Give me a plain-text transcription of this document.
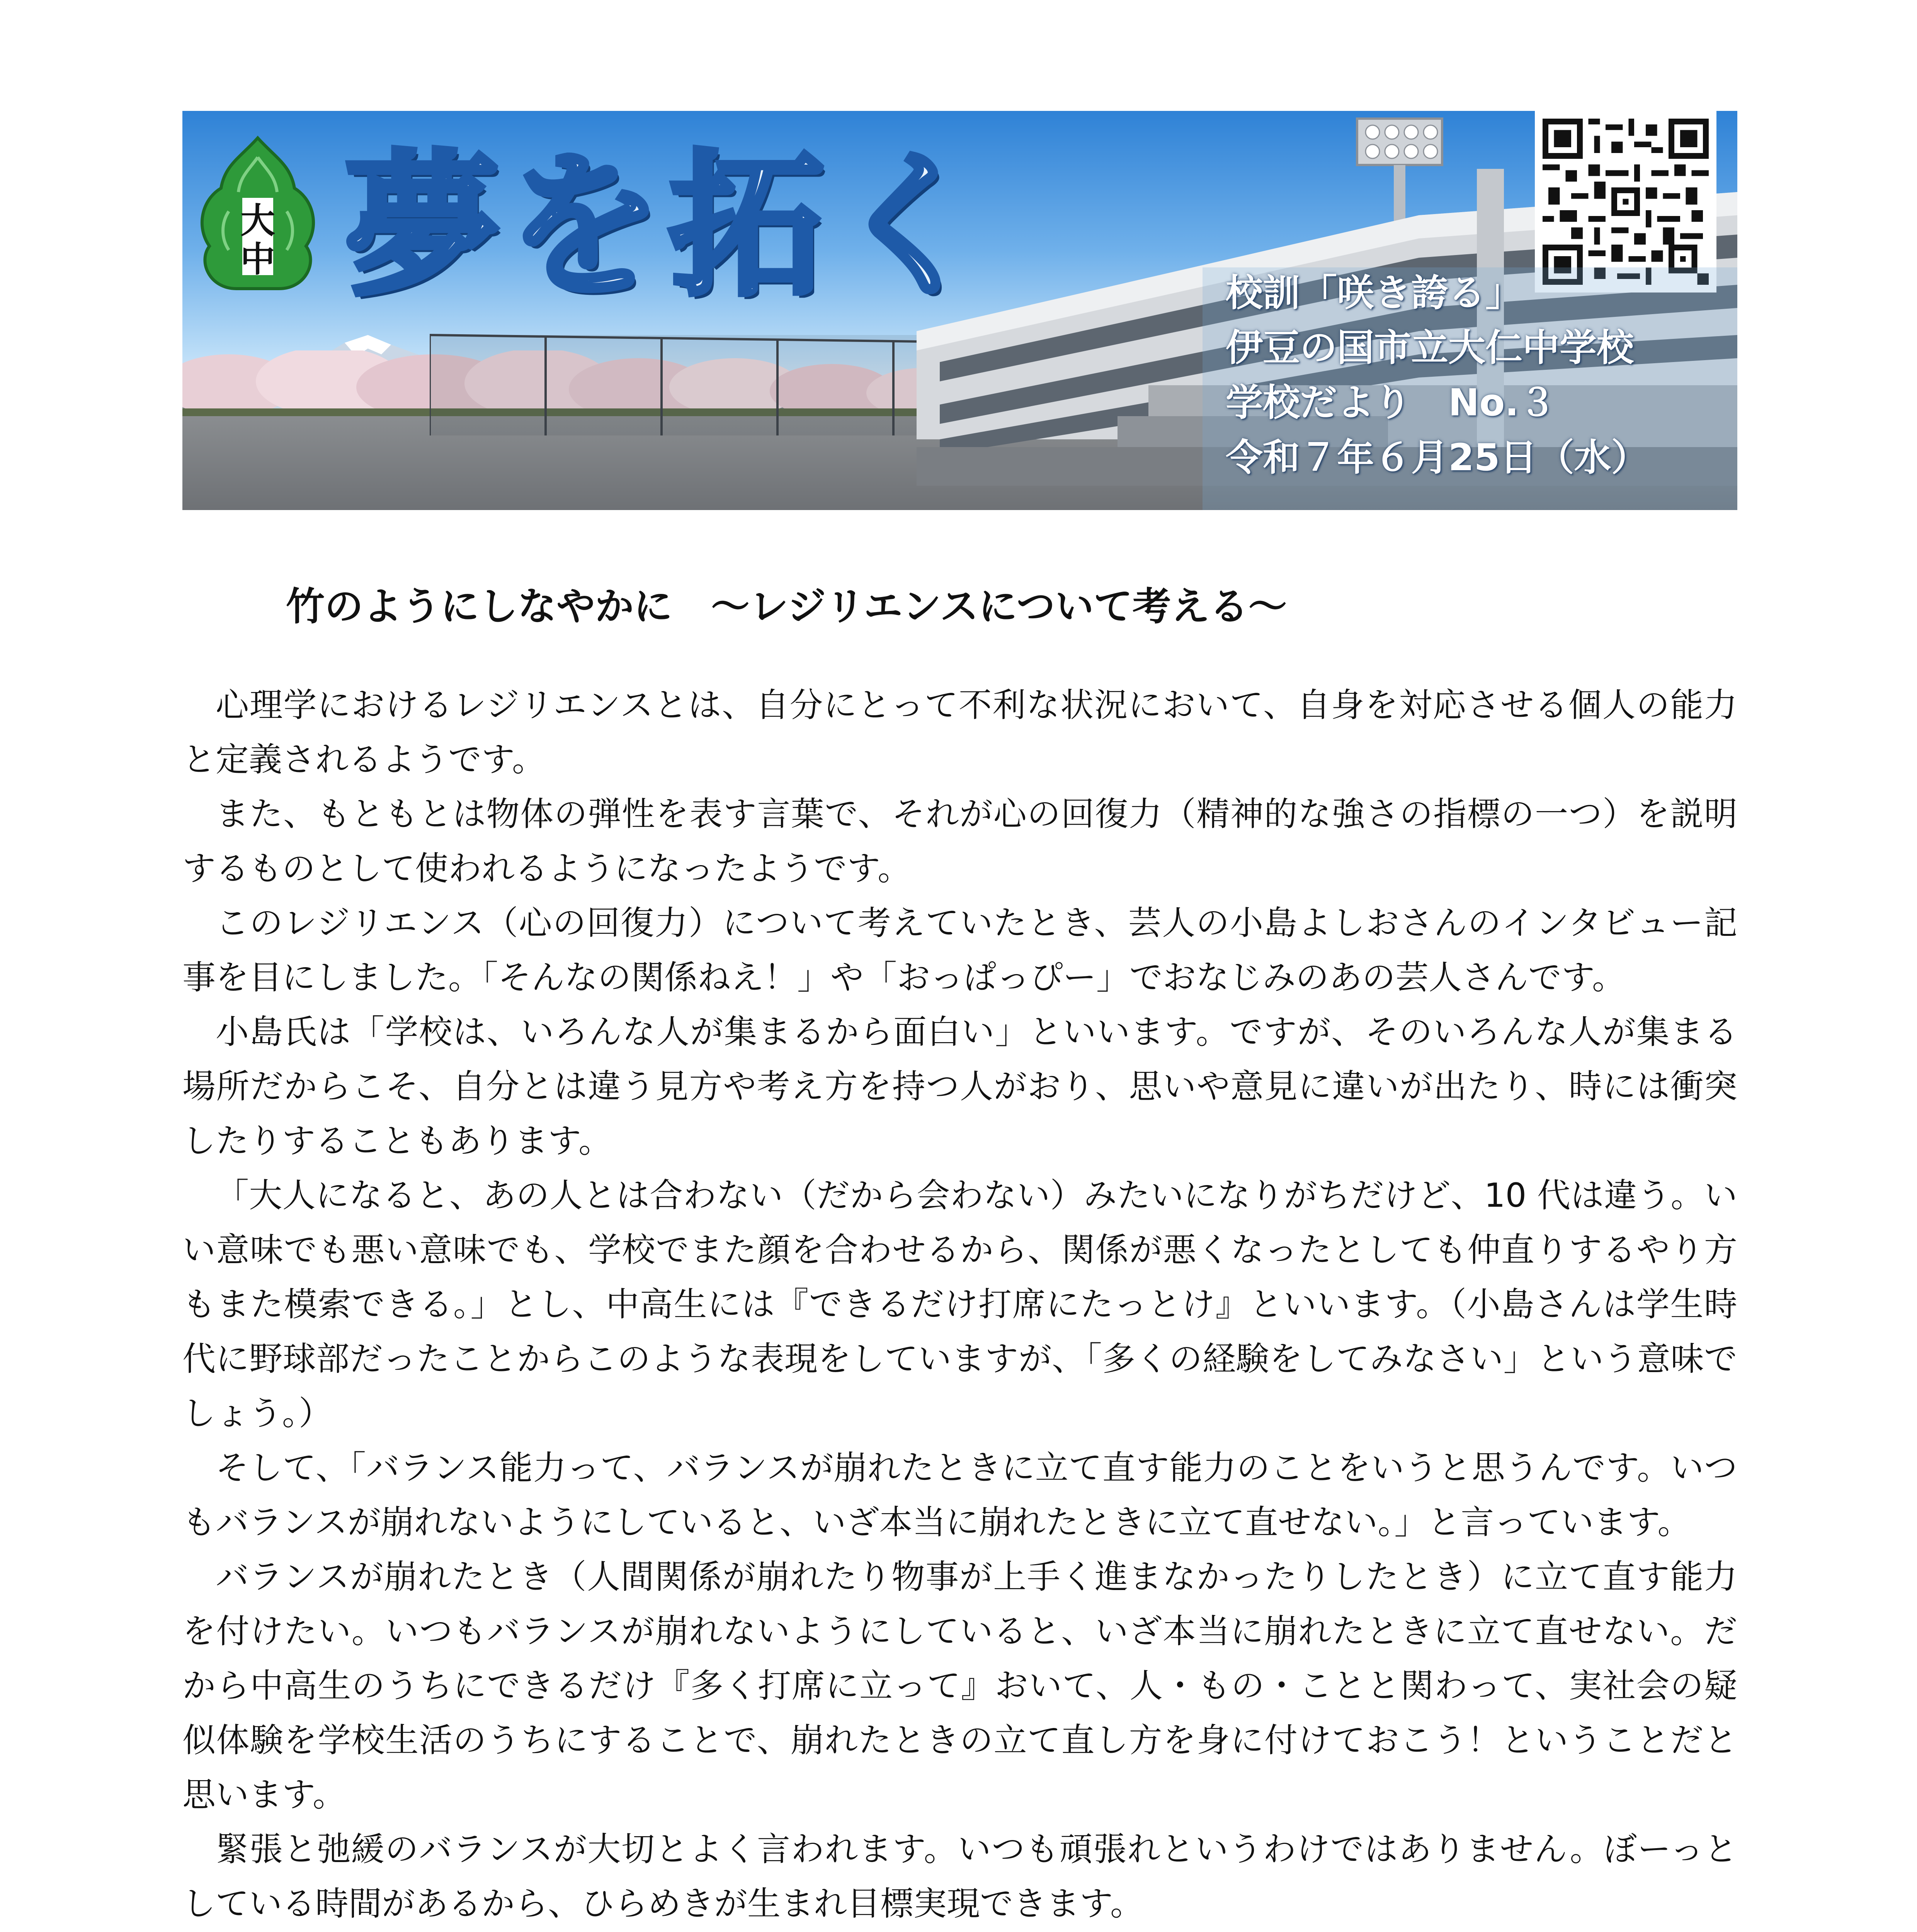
大
中 夢を拓く	校訓「咲き誇る」
伊豆の国市立大仁中学校
学校だより　No.３
令和７年６月25日（水）
竹のようにしなやかに　～レジリエンスについて考える～

心理学におけるレジリエンスとは、自分にとって不利な状況において、自身を対応させる個人の能力と定義されるようです。

また、もともとは物体の弾性を表す言葉で、それが心の回復力（精神的な強さの指標の一つ）を説明するものとして使われるようになったようです。

このレジリエンス（心の回復力）について考えていたとき、芸人の小島よしおさんのインタビュー記事を目にしました。「そんなの関係ねえ！」や「おっぱっぴー」でおなじみのあの芸人さんです。

小島氏は「学校は、いろんな人が集まるから面白い」といいます。ですが、そのいろんな人が集まる場所だからこそ、自分とは違う見方や考え方を持つ人がおり、思いや意見に違いが出たり、時には衝突したりすることもあります。

「大人になると、あの人とは合わない（だから会わない）みたいになりがちだけど、10 代は違う。いい意味でも悪い意味でも、学校でまた顔を合わせるから、関係が悪くなったとしても仲直りするやり方もまた模索できる。」とし、中高生には『できるだけ打席にたっとけ』といいます。（小島さんは学生時代に野球部だったことからこのような表現をしていますが、「多くの経験をしてみなさい」という意味でしょう。）

そして、「バランス能力って、バランスが崩れたときに立て直す能力のことをいうと思うんです。いつもバランスが崩れないようにしていると、いざ本当に崩れたときに立て直せない。」と言っています。

バランスが崩れたとき（人間関係が崩れたり物事が上手く進まなかったりしたとき）に立て直す能力を付けたい。いつもバランスが崩れないようにしていると、いざ本当に崩れたときに立て直せない。だから中高生のうちにできるだけ『多く打席に立って』おいて、人・もの・ことと関わって、実社会の疑似体験を学校生活のうちにすることで、崩れたときの立て直し方を身に付けておこう！ということだと思います。

緊張と弛緩のバランスが大切とよく言われます。いつも頑張れというわけではありません。ぼーっとしている時間があるから、ひらめきが生まれ目標実現できます。
